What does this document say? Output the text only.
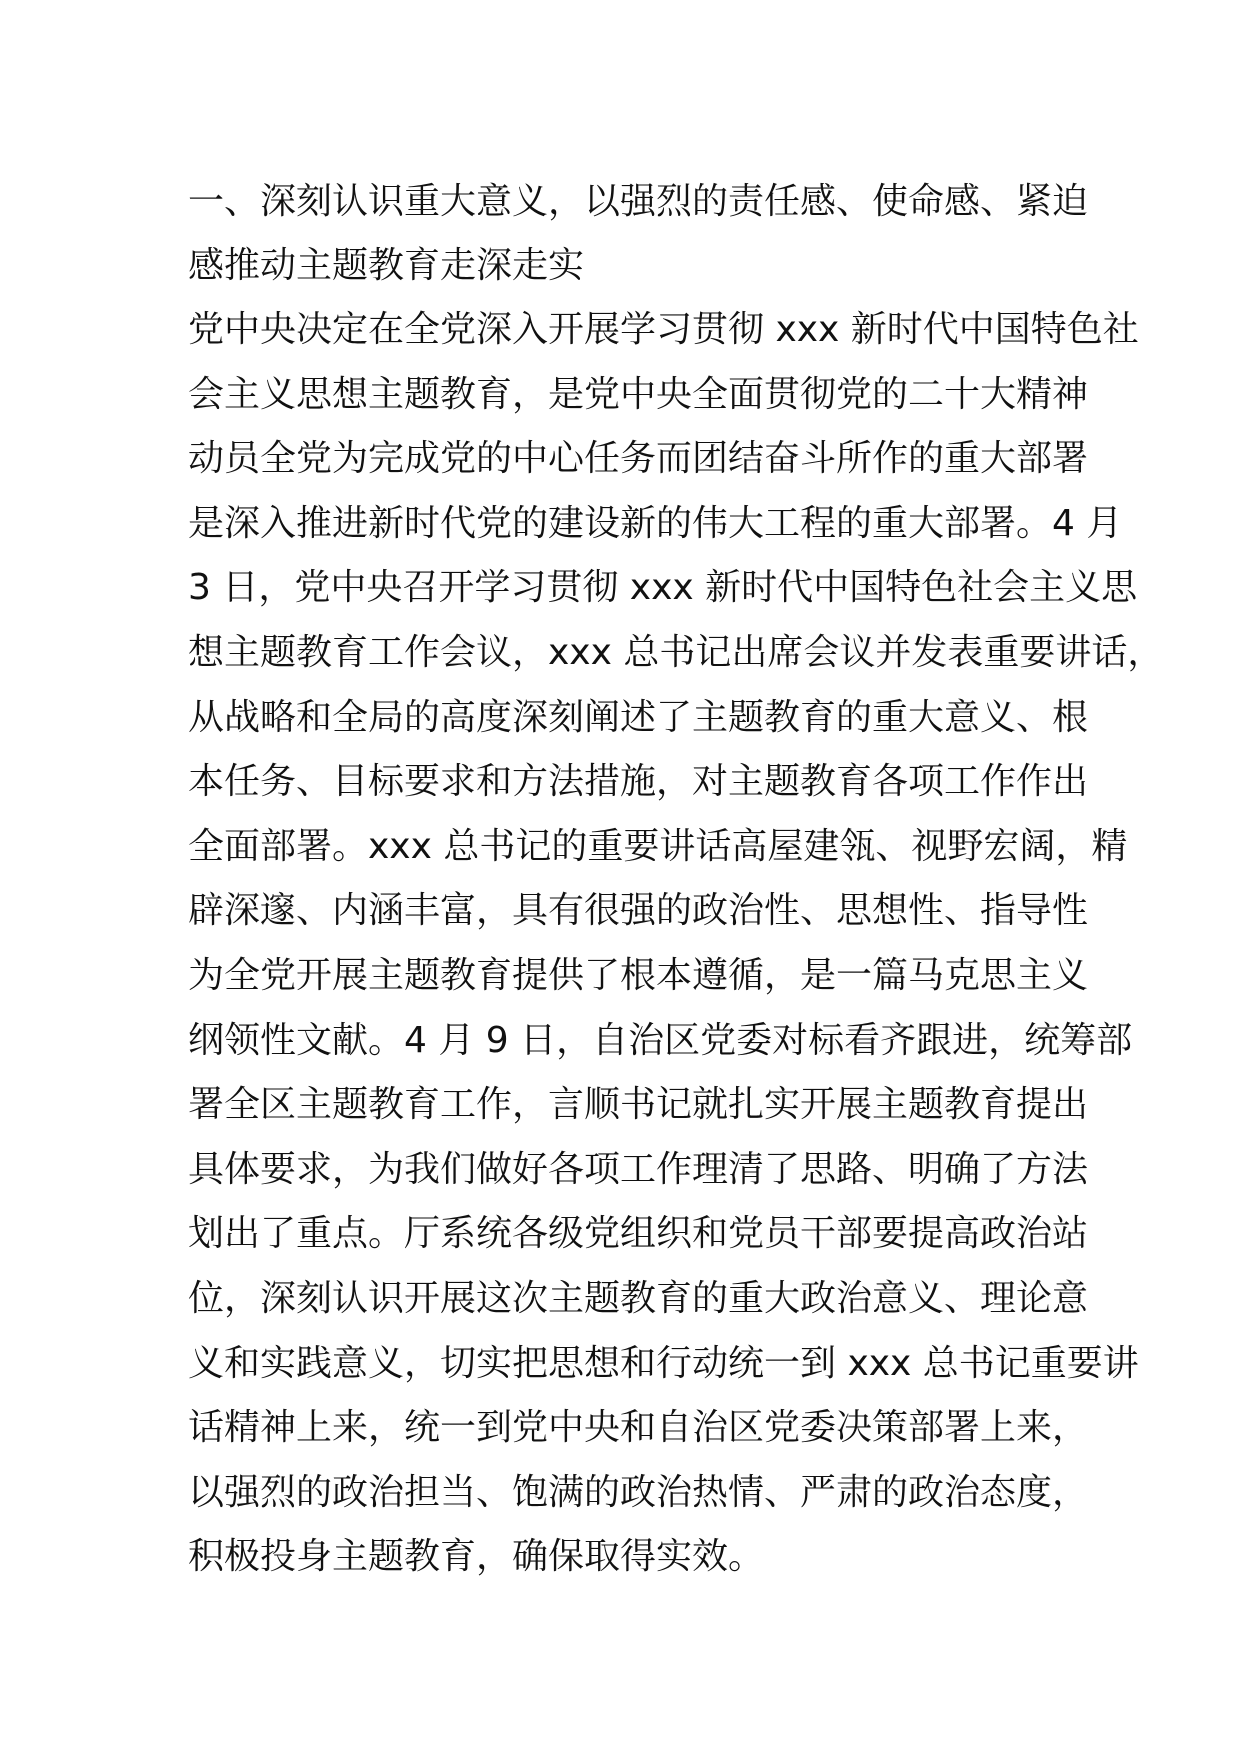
一、深刻认识重大意义，以强烈的责任感、使命感、紧迫
感推动主题教育走深走实

党中央决定在全党深入开展学习贯彻 xxx 新时代中国特色社
会主义思想主题教育，是党中央全面贯彻党的二十大精神
动员全党为完成党的中心任务而团结奋斗所作的重大部署
是深入推进新时代党的建设新的伟大工程的重大部署。4 月
3 日，党中央召开学习贯彻 xxx 新时代中国特色社会主义思
想主题教育工作会议，xxx 总书记出席会议并发表重要讲话，
从战略和全局的高度深刻阐述了主题教育的重大意义、根
本任务、目标要求和方法措施，对主题教育各项工作作出
全面部署。xxx 总书记的重要讲话高屋建瓴、视野宏阔，精
辟深邃、内涵丰富，具有很强的政治性、思想性、指导性
为全党开展主题教育提供了根本遵循，是一篇马克思主义
纲领性文献。4 月 9 日，自治区党委对标看齐跟进，统筹部
署全区主题教育工作，言顺书记就扎实开展主题教育提出
具体要求，为我们做好各项工作理清了思路、明确了方法
划出了重点。厅系统各级党组织和党员干部要提高政治站
位，深刻认识开展这次主题教育的重大政治意义、理论意
义和实践意义，切实把思想和行动统一到 xxx 总书记重要讲
话精神上来，统一到党中央和自治区党委决策部署上来，
以强烈的政治担当、饱满的政治热情、严肃的政治态度，
积极投身主题教育，确保取得实效。
